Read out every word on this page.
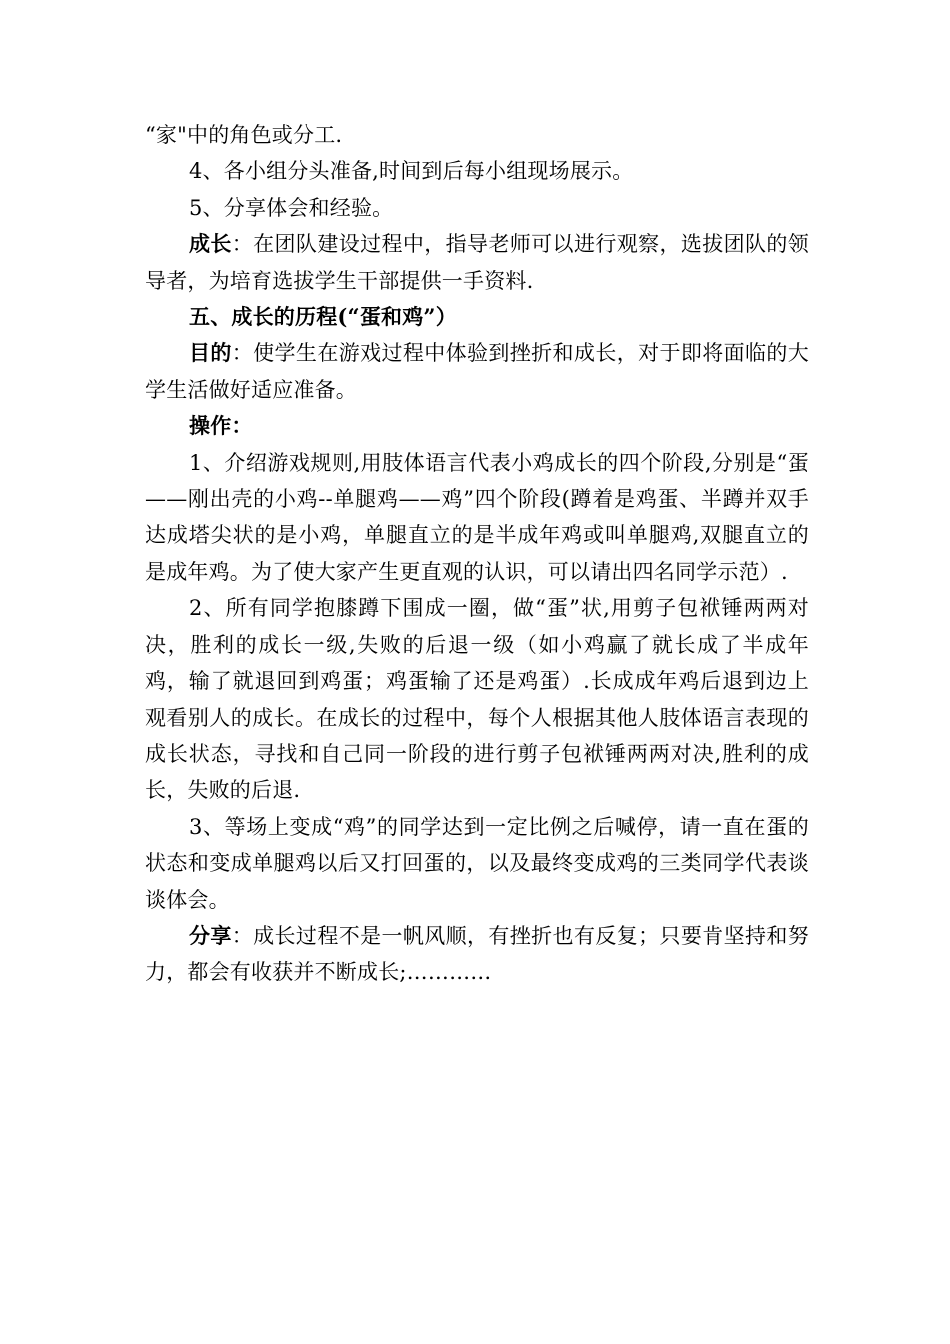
“家"中的角色或分工.

4、各小组分头准备,时间到后每小组现场展示。

5、分享体会和经验。

成长：在团队建设过程中，指导老师可以进行观察，选拔团队的领导者，为培育选拔学生干部提供一手资料.

五、成长的历程(“蛋和鸡”）

目的：使学生在游戏过程中体验到挫折和成长，对于即将面临的大学生活做好适应准备。

操作：

1、介绍游戏规则,用肢体语言代表小鸡成长的四个阶段,分别是“蛋——刚出壳的小鸡--单腿鸡——鸡”四个阶段(蹲着是鸡蛋、半蹲并双手达成塔尖状的是小鸡，单腿直立的是半成年鸡或叫单腿鸡,双腿直立的是成年鸡。为了使大家产生更直观的认识，可以请出四名同学示范）.

2、所有同学抱膝蹲下围成一圈，做“蛋”状,用剪子包袱锤两两对决，胜利的成长一级,失败的后退一级（如小鸡赢了就长成了半成年鸡，输了就退回到鸡蛋；鸡蛋输了还是鸡蛋）.长成成年鸡后退到边上观看别人的成长。在成长的过程中，每个人根据其他人肢体语言表现的成长状态，寻找和自己同一阶段的进行剪子包袱锤两两对决,胜利的成长，失败的后退.

3、等场上变成“鸡”的同学达到一定比例之后喊停，请一直在蛋的状态和变成单腿鸡以后又打回蛋的，以及最终变成鸡的三类同学代表谈谈体会。

分享：成长过程不是一帆风顺，有挫折也有反复；只要肯坚持和努力，都会有收获并不断成长;…………
